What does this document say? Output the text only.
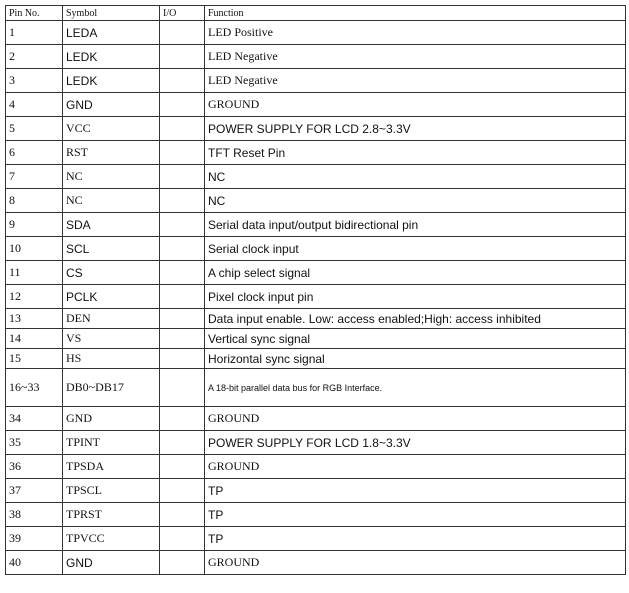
Pin No.	Symbol	I/O	Function
1	LEDA		LED Positive
2	LEDK		LED Negative
3	LEDK		LED Negative
4	GND		GROUND
5	VCC		POWER SUPPLY FOR LCD 2.8~3.3V
6	RST		TFT Reset Pin
7	NC		NC
8	NC		NC
9	SDA		Serial data input/output bidirectional pin
10	SCL		Serial clock input
11	CS		A chip select signal
12	PCLK		Pixel clock input pin
13	DEN		Data input enable. Low: access enabled;High: access inhibited
14	VS		Vertical sync signal
15	HS		Horizontal sync signal
16~33	DB0~DB17		A 18-bit parallel data bus for RGB Interface.
34	GND		GROUND
35	TPINT		POWER SUPPLY FOR LCD 1.8~3.3V
36	TPSDA		GROUND
37	TPSCL		TP
38	TPRST		TP
39	TPVCC		TP
40	GND		GROUND
